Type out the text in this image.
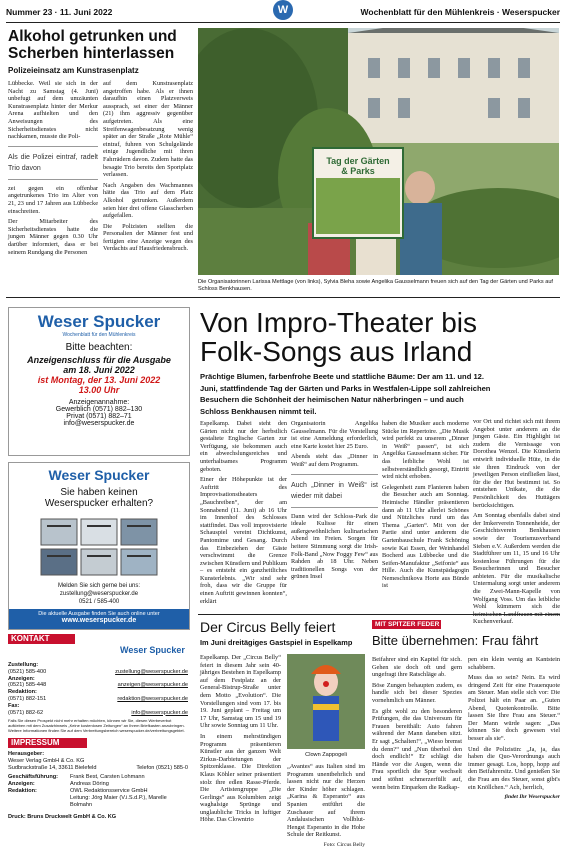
Nummer 23 · 11. Juni 2022	W	Wochenblatt für den Mühlenkreis · Weserspucker
Alkohol getrunken und Scherben hinterlassen
Polizeieinsatz am Kunstrasenplatz

Lübbecke. Weil sie sich in der Nacht zu Samstag (4. Juni) unbefugt auf dem umzäunten Kunstrasenplatz hinter der Merkur Arena aufhielten und den Anweisungen des Sicherheitsdienstes nicht nachkamen, musste die Poli-

Als die Polizei eintraf, radelt Trio davon

zei gegen ein offenbar angetrunkenes Trio im Alter von 21, 23 und 17 Jahren aus Lübbecke einschreiten.

Der Mitarbeiter des Sicherheitsdienstes hatte die jungen Männer gegen 0.30 Uhr darüber informiert, dass er bei seinem Rundgang die Personen

auf dem Kunstrasenplatz angetroffen habe. Als er ihnen daraufhin einen Platzverweis aussprach, sei einer der Männer (21) ihm aggressiv gegenüber aufgetreten. Als eine Streifenwagenbesatzung wenig später an der Straße „Rote Mühle“ eintraf, fuhren von Schulgelände einige Jugendliche mit ihren Fahrrädern davon. Zudem hatte das besagte Trio bereits den Sportplatz verlassen.

Nach Angaben des Wachmannes hätte das Trio auf dem Platz Alkohol getrunken. Außerdem seien hier drei offene Glasscherben aufgefallen.

Die Polizisten stellten die Personalien der Männer fest und fertigten eine Anzeige wegen des Verdachts auf Hausfriedensbruch.

Tag der Gärten & Parks
Die Organisatorinnen Larissa Mettlage (von links), Sylvia Bleha sowie Angelika Gausselmann freuen sich auf den Tag der Gärten und Parks auf Schloss Benkhausen.
Weser Spucker
Wochenblatt für den Mühlenkreis
Bitte beachten:
Anzeigenschluss für die Ausgabe
am 18. Juni 2022
ist Montag, der 13. Juni 2022
13.00 Uhr
Anzeigenannahme:
Gewerblich (0571) 882–130
Privat (0571) 882–71
info@weserspucker.de
Weser Spucker
Sie haben keinen
Weserspucker erhalten?
Melden Sie sich gerne bei uns:
zustellung@weserspucker.de
0521 / 585-400
Die aktuelle Ausgabe finden Sie auch online unter
www.weserspucker.de
KONTAKT
Weser Spucker
Zustellung:
(0521) 585-400	zustellung@weserspucker.de
Anzeigen:
(0521) 585-448	anzeigen@weserspucker.de
Redaktion:
(0571) 882-151	redaktion@weserspucker.de
Fax:
(0571) 882-62	info@weserspucker.de
Falls Sie diesen Prospekt nicht mehr erhalten möchten, können wir Sie, diesen Werbeverbot aufkleben mit dem Zusatzhinweis „Keine kostenlosen Zeitungen“ an Ihrem Briefkasten anzubringen. Weitere Informationen finden Sie auf dem Verbreitungsbereich weserspucker.de/verbreitungsgebiet.
IMPRESSUM
Herausgeber:
Weser Verlag GmbH & Co. KG
Sudbrackstraße 14, 33611 Bielefeld	Telefon (0521) 585-0
Geschäftsführung: Frank Best, Carsten Lohmann
Anzeigen:	Andreas Döring
Redaktion:	OWL Redaktionsservice GmbH
Leitung: Jörg Maier (V.i.S.d.P.), Marelle Bolmahn
Druck: Bruns Druckwelt GmbH & Co. KG
Von Impro-Theater bis
Folk-Songs aus Irland
Prächtige Blumen, farbenfrohe Beete und stattliche Bäume: Der am 11. und 12. Juni, stattfindende Tag der Gärten und Parks in Westfalen-Lippe soll zahlreichen Besuchern die Schönheit der heimischen Natur näherbringen – und auch Schloss Benkhausen nimmt teil.

Espelkamp. Dabei steht den Gärten nicht nur der herbstlich gestaltete Englische Garten zur Verfügung, sie bekommen auch ein abwechslungsreiches und unterhaltsames Programm geboten.

Einer der Höhepunkte ist der Auftritt des Improvisationstheaters „Bauchreiben“, der am Sonnabend (11. Juni) ab 16 Uhr im Innenhof des Schlosses stattfindet. Das voll improvisierte Schauspiel vereint Dichtkunst, Pantomime und Gesang. Durch das Einbeziehen der Gäste verschwimmt die Grenze zwischen Künstlern und Publikum – es entsteht ein ganzheitliches Kunsterlebnis. „Wir sind sehr froh, dass wir die Gruppe für einen Auftritt gewinnen konnten“, erklärt

Organisatorin Angelika Gausselmann. Für die Vorstellung ist eine Anmeldung erforderlich, eine Karte kostet hier 25 Euro.

Abends steht das „Dinner in Weiß“ auf dem Programm.

Auch „Dinner in Weiß“ ist wieder mit dabei

Dann wird der Schloss-Park die ideale Kulisse für einen außergewöhnlichen kulinarischen Abend im Freien. Sorgen für heitere Stimmung sorgt die Irish-Folk-Band „Now Foggy Few“ aus Rahden ab 18 Uhr. Neben traditionellen Songs von der grünen Insel

haben die Musiker auch moderne Stücke im Repertoire. „Die Musik wird perfekt zu unserem „Dinner in Weiß“ passen“, ist sich Angelika Gausselmann sicher. Für das leibliche Wohl ist selbstverständlich gesorgt, Eintritt wird nicht erhoben.

Gelegenheit zum Flanieren haben die Besucher auch am Sonntag. Heimische Händler präsentieren dann ab 11 Uhr allerlei Schönes und Nützliches rund um das Thema „Garten“. Mit von der Partie sind unter anderem die Gartenbauschule Frank Schöning sowie Kai Essen, der Weinhandel Bocherd aus Lübbecke und die Seifen-Manufaktur „Seifonie“ aus Hille. Auch die Kunstpädagogin Nemeschnikova Horte aus Bünde ist

vor Ort und richtet sich mit ihrem Angebot unter anderem an die jungen Gäste. Ein Highlight ist zudem die Vernissage von Dorothea Wenzel. Die Künstlerin entwirft individuelle Hüte, in die sie ihren Eindruck von der jeweiligen Person einfließen lässt, für die der Hut bestimmt ist. So entstehen Unikate, die die Persönlichkeit des Huttägers berücksichtigen.

Am Sonntag ebenfalls dabei sind der Imkerverein Tonnenheide, der Geschichtsverein Benkhausen sowie der Tourismusverband Sieben e.V. Außerdem werden die Stadtführer um 11, 15 und 16 Uhr kostenlose Führungen für die Besucherinnen und Besucher anbieten. Für die musikalische Untermalung sorgt unter anderem die Zwei-Mann-Kapelle von Wolfgang Voss. Um das leibliche Wohl kümmern sich die Kuchenverkauf.

Der Circus Belly feiert
Im Juni dreitägiges Gastspiel in Espelkamp

Espelkamp. Der „Circus Belly“ feiert in diesem Jahr sein 40-jähriges Bestehen in Espelkamp auf dem Festplatz an der General-Bistrup-Straße unter dem Motto „Evolution“. Die Vorstellungen sind vom 17. bis 19. Juni geplant – Freitag um 17 Uhr, Samstag um 15 und 19 Uhr sowie Sonntag um 11 Uhr.

In einem mehrstündigen Programm präsentieren Künstler aus der ganzen Welt Zirkus-Darbietungen der Spitzenklasse. Die Direktion Klaus Köhler seiner präsentiert stolz ihre edlen Rasse-Pferde. Die Artistengruppe „Die Gerlings“ aus Kolumbien zeigt waghalsige Sprünge und unglaubliche Tricks in luftiger Höhe. Das Clowntrio

Clown Zappogeli

„Avantes“ aus Italien sind im Programm unentbehrlich und lassen nicht nur die Herzen der Kinder höher schlagen. „Karina & Esperanto“ aus Spanien entführt die Zuschauer auf ihrem Andalusischen Vollblut-Hengst Esperanto in die Hohe Schule der Reitkunst.

Foto: Circus Belly
MIT SPITZER FEDER
Bitte übernehmen: Frau fährt

Beifahrer sind ein Kapitel für sich. Gehen sie doch oft und gern ungefragt ihre Ratschläge ab.

Böse Zungen behaupten zudem, es handle sich bei dieser Spezies vornehmlich um Männer.

Es gibt wohl zu den besonderen Prüfungen, die das Universum für Frauen bereithält: Auto fahren während der Mann daneben sitzt. Er sagt „Schalten!“, „Wieso bremst du denn?“ und „Nun überhol den doch endlich!“ Er schlägt die Hände vor die Augen, wenn die Frau sportlich die Spur wechselt und stöhnt schmerzerfüllt auf, wenn beim Einparken die Radkap-

pen ein klein wenig an Kantstein schabbern.

Muss das so sein? Nein. Es wird dringend Zeit für eine Frauenquote am Steuer. Man stelle sich vor: Die Polizei hält ein Paar an. „Guten Abend, Quotenkontrolle. Bitte lassen Sie Ihre Frau ans Steuer.“ Der Mann würde sagen: „Das können Sie doch gewesen viel besser als sie“.

Und die Polizistin: „Ja, ja, das haben die Quo-Verordnungs auch immer gesagt. Los, hopp, hopp auf den Beifahrersitz. Und genießen Sie die Frau am des Steuer, sonst gibt's ein Knöllchen.“ Ach, herrlich,

findet Ihr Weserspucker
